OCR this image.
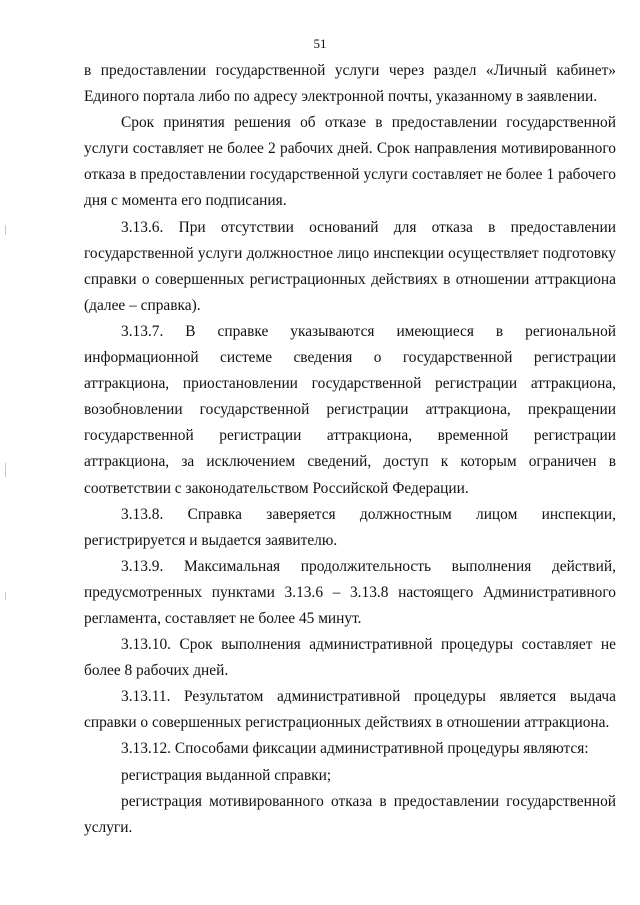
51

в предоставлении государственной услуги через раздел «Личный кабинет» Единого портала либо по адресу электронной почты, указанному в заявлении.

Срок принятия решения об отказе в предоставлении государственной услуги составляет не более 2 рабочих дней. Срок направления мотивированного отказа в предоставлении государственной услуги составляет не более 1 рабочего дня с момента его подписания.

3.13.6. При отсутствии оснований для отказа в предоставлении государственной услуги должностное лицо инспекции осуществляет подготовку справки о совершенных регистрационных действиях в отношении аттракциона (далее – справка).

3.13.7. В справке указываются имеющиеся в региональной информационной системе сведения о государственной регистрации аттракциона, приостановлении государственной регистрации аттракциона, возобновлении государственной регистрации аттракциона, прекращении государственной регистрации аттракциона, временной регистрации аттракциона, за исключением сведений, доступ к которым ограничен в соответствии с законодательством Российской Федерации.

3.13.8. Справка заверяется должностным лицом инспекции, регистрируется и выдается заявителю.

3.13.9. Максимальная продолжительность выполнения действий, предусмотренных пунктами 3.13.6 – 3.13.8 настоящего Административного регламента, составляет не более 45 минут.

3.13.10. Срок выполнения административной процедуры составляет не более 8 рабочих дней.

3.13.11. Результатом административной процедуры является выдача справки о совершенных регистрационных действиях в отношении аттракциона.

3.13.12. Способами фиксации административной процедуры являются:

регистрация выданной справки;

регистрация мотивированного отказа в предоставлении государственной услуги.
